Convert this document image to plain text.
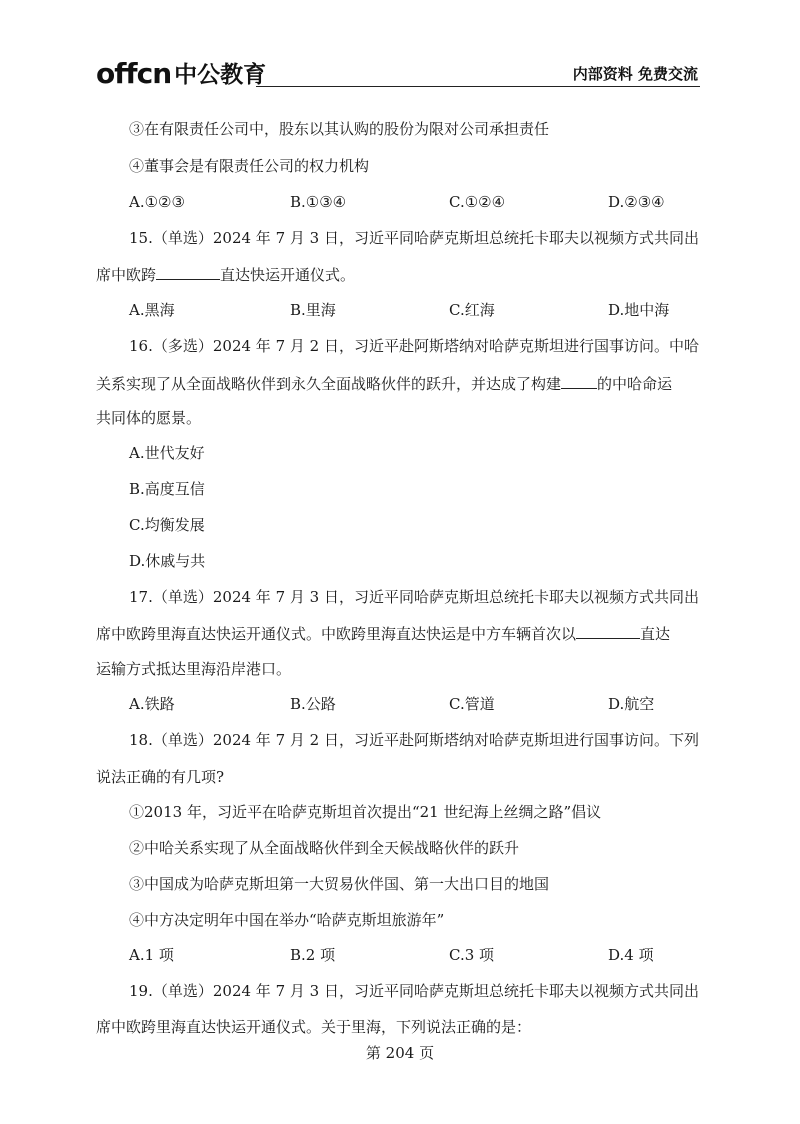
offcn 中公教育	内部资料 免费交流
③在有限责任公司中，股东以其认购的股份为限对公司承担责任
④董事会是有限责任公司的权力机构
A.①②③	B.①③④	C.①②④	D.②③④
15.（单选）2024 年 7 月 3 日，习近平同哈萨克斯坦总统托卡耶夫以视频方式共同出
席中欧跨	直达快运开通仪式。
A.黑海	B.里海	C.红海	D.地中海
16.（多选）2024 年 7 月 2 日，习近平赴阿斯塔纳对哈萨克斯坦进行国事访问。中哈
关系实现了从全面战略伙伴到永久全面战略伙伴的跃升，并达成了构建 的中哈命运
共同体的愿景。
A.世代友好
B.高度互信
C.均衡发展
D.休戚与共
17.（单选）2024 年 7 月 3 日，习近平同哈萨克斯坦总统托卡耶夫以视频方式共同出
席中欧跨里海直达快运开通仪式。中欧跨里海直达快运是中方车辆首次以	直达
运输方式抵达里海沿岸港口。
A.铁路	B.公路	C.管道	D.航空
18.（单选）2024 年 7 月 2 日，习近平赴阿斯塔纳对哈萨克斯坦进行国事访问。下列
说法正确的有几项?
①2013 年，习近平在哈萨克斯坦首次提出“21 世纪海上丝绸之路”倡议
②中哈关系实现了从全面战略伙伴到全天候战略伙伴的跃升
③中国成为哈萨克斯坦第一大贸易伙伴国、第一大出口目的地国
④中方决定明年中国在举办“哈萨克斯坦旅游年”
A.1 项	B.2 项	C.3 项	D.4 项
19.（单选）2024 年 7 月 3 日，习近平同哈萨克斯坦总统托卡耶夫以视频方式共同出
席中欧跨里海直达快运开通仪式。关于里海，下列说法正确的是：
第 204 页
